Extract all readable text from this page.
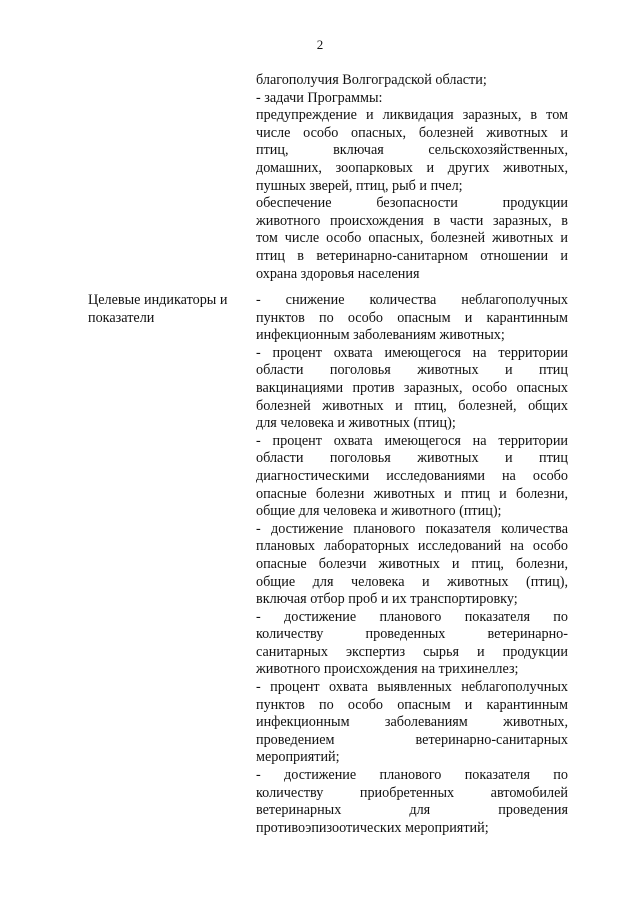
2
благополучия Волгоградской области;
- задачи Программы:
предупреждение и ликвидация заразных, в том
числе особо опасных, болезней животных и
птиц, включая сельскохозяйственных,
домашних, зоопарковых и других животных,
пушных зверей, птиц, рыб и пчел;
обеспечение безопасности продукции
животного происхождения в части заразных, в
том числе особо опасных, болезней животных и
птиц в ветеринарно-санитарном отношении и
охрана здоровья населения
Целевые индикаторы и
показатели
- снижение количества неблагополучных
пунктов по особо опасным и карантинным
инфекционным заболеваниям животных;
- процент охвата имеющегося на территории
области поголовья животных и птиц
вакцинациями против заразных, особо опасных
болезней животных и птиц, болезней, общих
для человека и животных (птиц);
- процент охвата имеющегося на территории
области поголовья животных и птиц
диагностическими исследованиями на особо
опасные болезни животных и птиц и болезни,
общие для человека и животного (птиц);
- достижение планового показателя количества
плановых лабораторных исследований на особо
опасные болезчи животных и птиц, болезни,
общие для человека и животных (птиц),
включая отбор проб и их транспортировку;
- достижение планового показателя по
количеству проведенных ветеринарно-
санитарных экспертиз сырья и продукции
животного происхождения на трихинеллез;
- процент охвата выявленных неблагополучных
пунктов по особо опасным и карантинным
инфекционным заболеваниям животных,
проведением ветеринарно-санитарных
мероприятий;
- достижение планового показателя по
количеству приобретенных автомобилей
ветеринарных для проведения
противоэпизоотических мероприятий;
